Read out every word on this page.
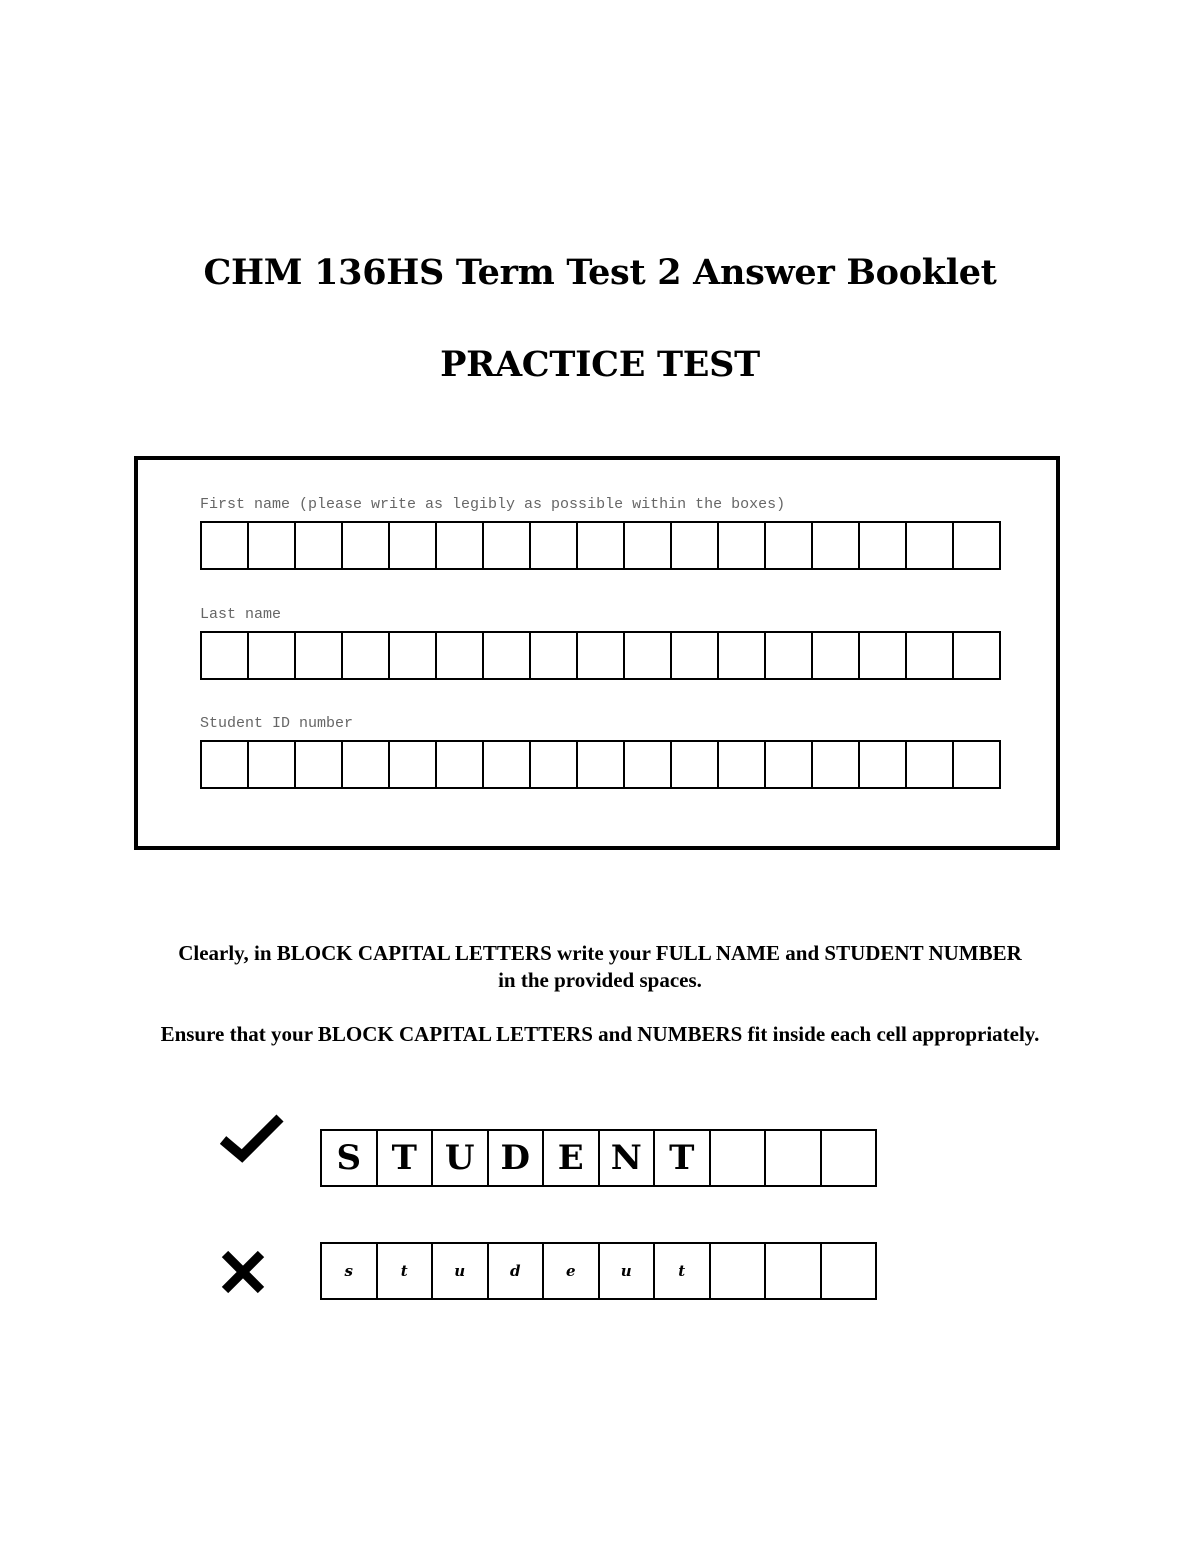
CHM 136HS Term Test 2 Answer Booklet
PRACTICE TEST

First name (please write as legibly as possible within the boxes)

Last name

Student ID number

Clearly, in BLOCK CAPITAL LETTERS write your FULL NAME and STUDENT NUMBER
in the provided spaces.
Ensure that your BLOCK CAPITAL LETTERS and NUMBERS fit inside each cell appropriately.
S T U D E N T
s	t	u	d	e	u	t
